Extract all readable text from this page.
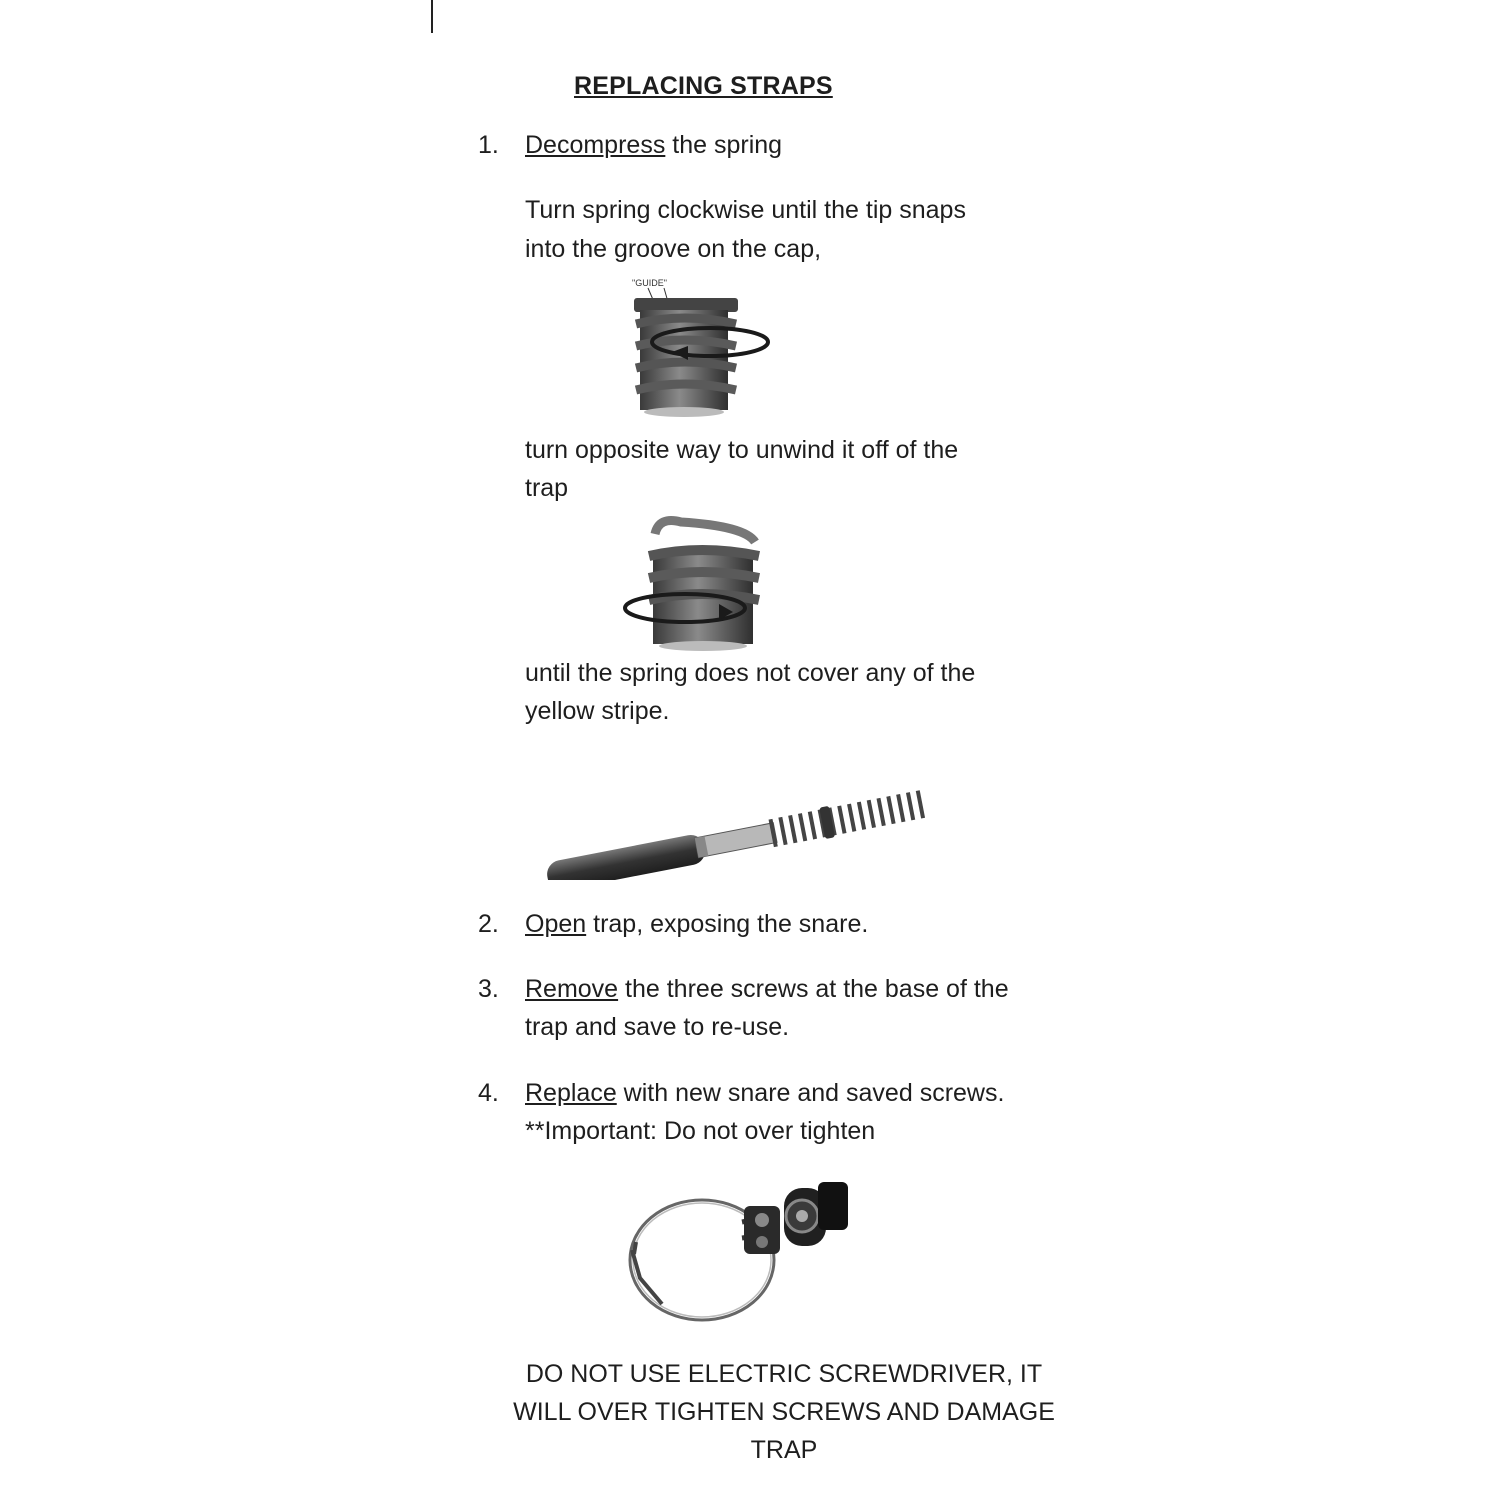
REPLACING STRAPS
1. Decompress the spring
Turn spring clockwise until the tip snaps
into the groove on the cap,
"GUIDE"
turn opposite way to unwind it off of the
trap
until the spring does not cover any of the
yellow stripe.
2. Open trap, exposing the snare.
3. Remove the three screws at the base of the
trap and save to re-use.
4. Replace with new snare and saved screws.
**Important: Do not over tighten
DO NOT USE ELECTRIC SCREWDRIVER, IT WILL OVER TIGHTEN SCREWS AND DAMAGE TRAP
